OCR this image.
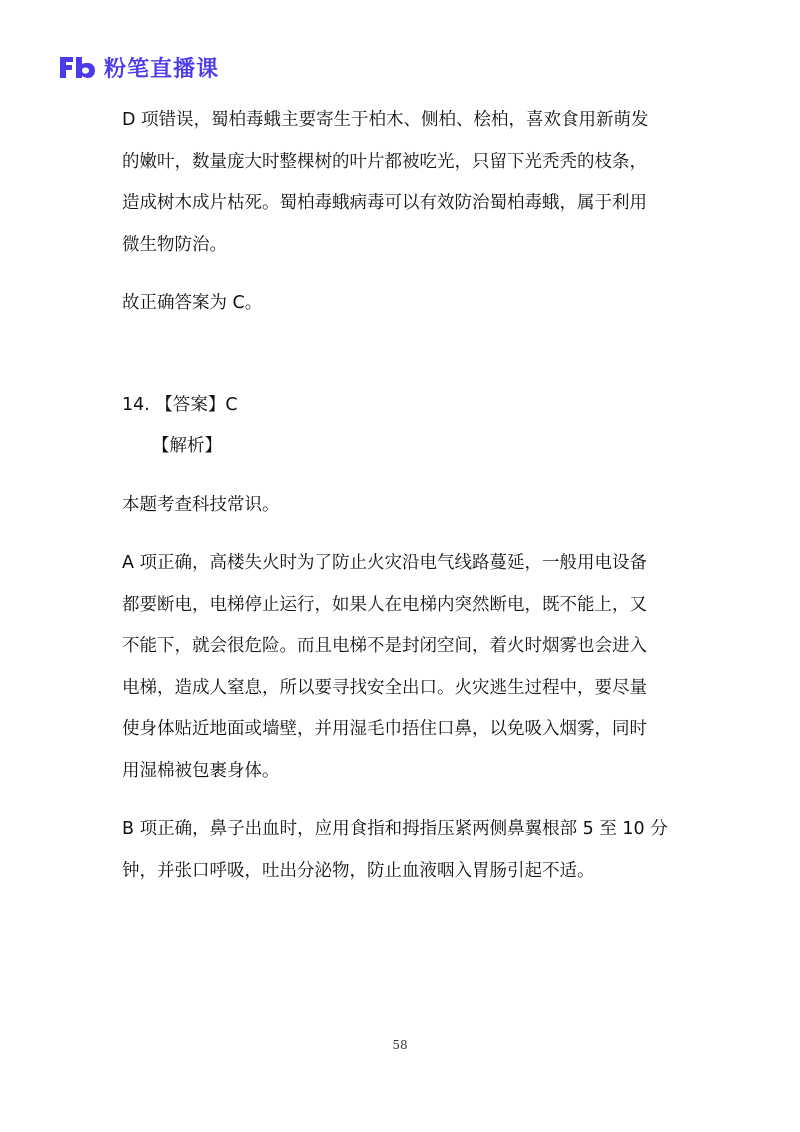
粉笔直播课

D 项错误，蜀柏毒蛾主要寄生于柏木、侧柏、桧柏，喜欢食用新萌发

的嫩叶，数量庞大时整棵树的叶片都被吃光，只留下光秃秃的枝条，

造成树木成片枯死。蜀柏毒蛾病毒可以有效防治蜀柏毒蛾，属于利用

微生物防治。

故正确答案为 C。

14. 【答案】C

【解析】

本题考查科技常识。

A 项正确，高楼失火时为了防止火灾沿电气线路蔓延，一般用电设备

都要断电，电梯停止运行，如果人在电梯内突然断电，既不能上，又

不能下，就会很危险。而且电梯不是封闭空间，着火时烟雾也会进入

电梯，造成人窒息，所以要寻找安全出口。火灾逃生过程中，要尽量

使身体贴近地面或墙壁，并用湿毛巾捂住口鼻，以免吸入烟雾，同时

用湿棉被包裹身体。

B 项正确，鼻子出血时，应用食指和拇指压紧两侧鼻翼根部 5 至 10 分

钟，并张口呼吸，吐出分泌物，防止血液咽入胃肠引起不适。

58
